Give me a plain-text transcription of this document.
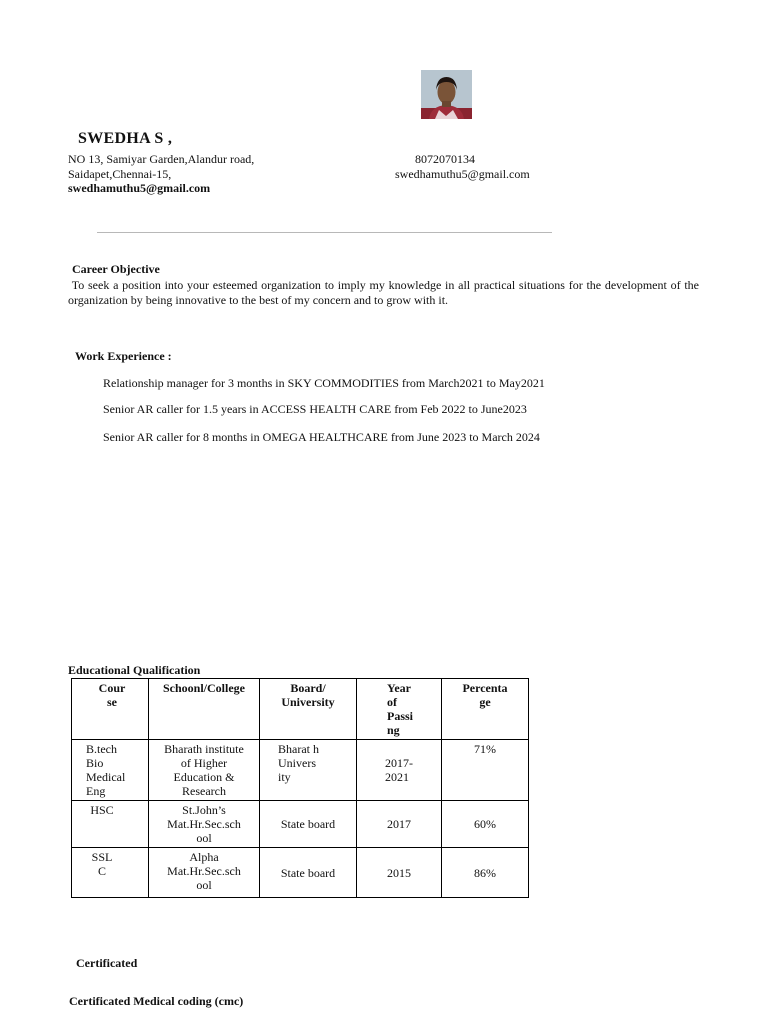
SWEDHA S ,
NO 13, Samiyar Garden,Alandur road,
Saidapet,Chennai-15,
swedhamuthu5@gmail.com
8072070134
swedhamuthu5@gmail.com
Career Objective
To seek a position into your esteemed organization to imply my knowledge in all practical situations for the development of the organization by being innovative to the best of my concern and to grow with it.
Work Experience :
Relationship manager for 3 months in SKY COMMODITIES from March2021 to May2021
Senior AR caller for 1.5 years in ACCESS HEALTH CARE from Feb 2022 to June2023
Senior AR caller for 8 months in OMEGA HEALTHCARE from June 2023 to March 2024
Educational Qualification
Cour se	Schoonl/College	Board/ University	Year of Passi ng	Percenta ge

B.tech Bio Medical Eng	Bharath institute of Higher Education & Research	Bharat h Univers ity	2017- 2021	71%
HSC	St.John’s Mat.Hr.Sec.sch ool	State board	2017	60%

SSL C	Alpha Mat.Hr.Sec.sch ool	State board	2015	86%
Certificated
Certificated Medical coding (cmc)
